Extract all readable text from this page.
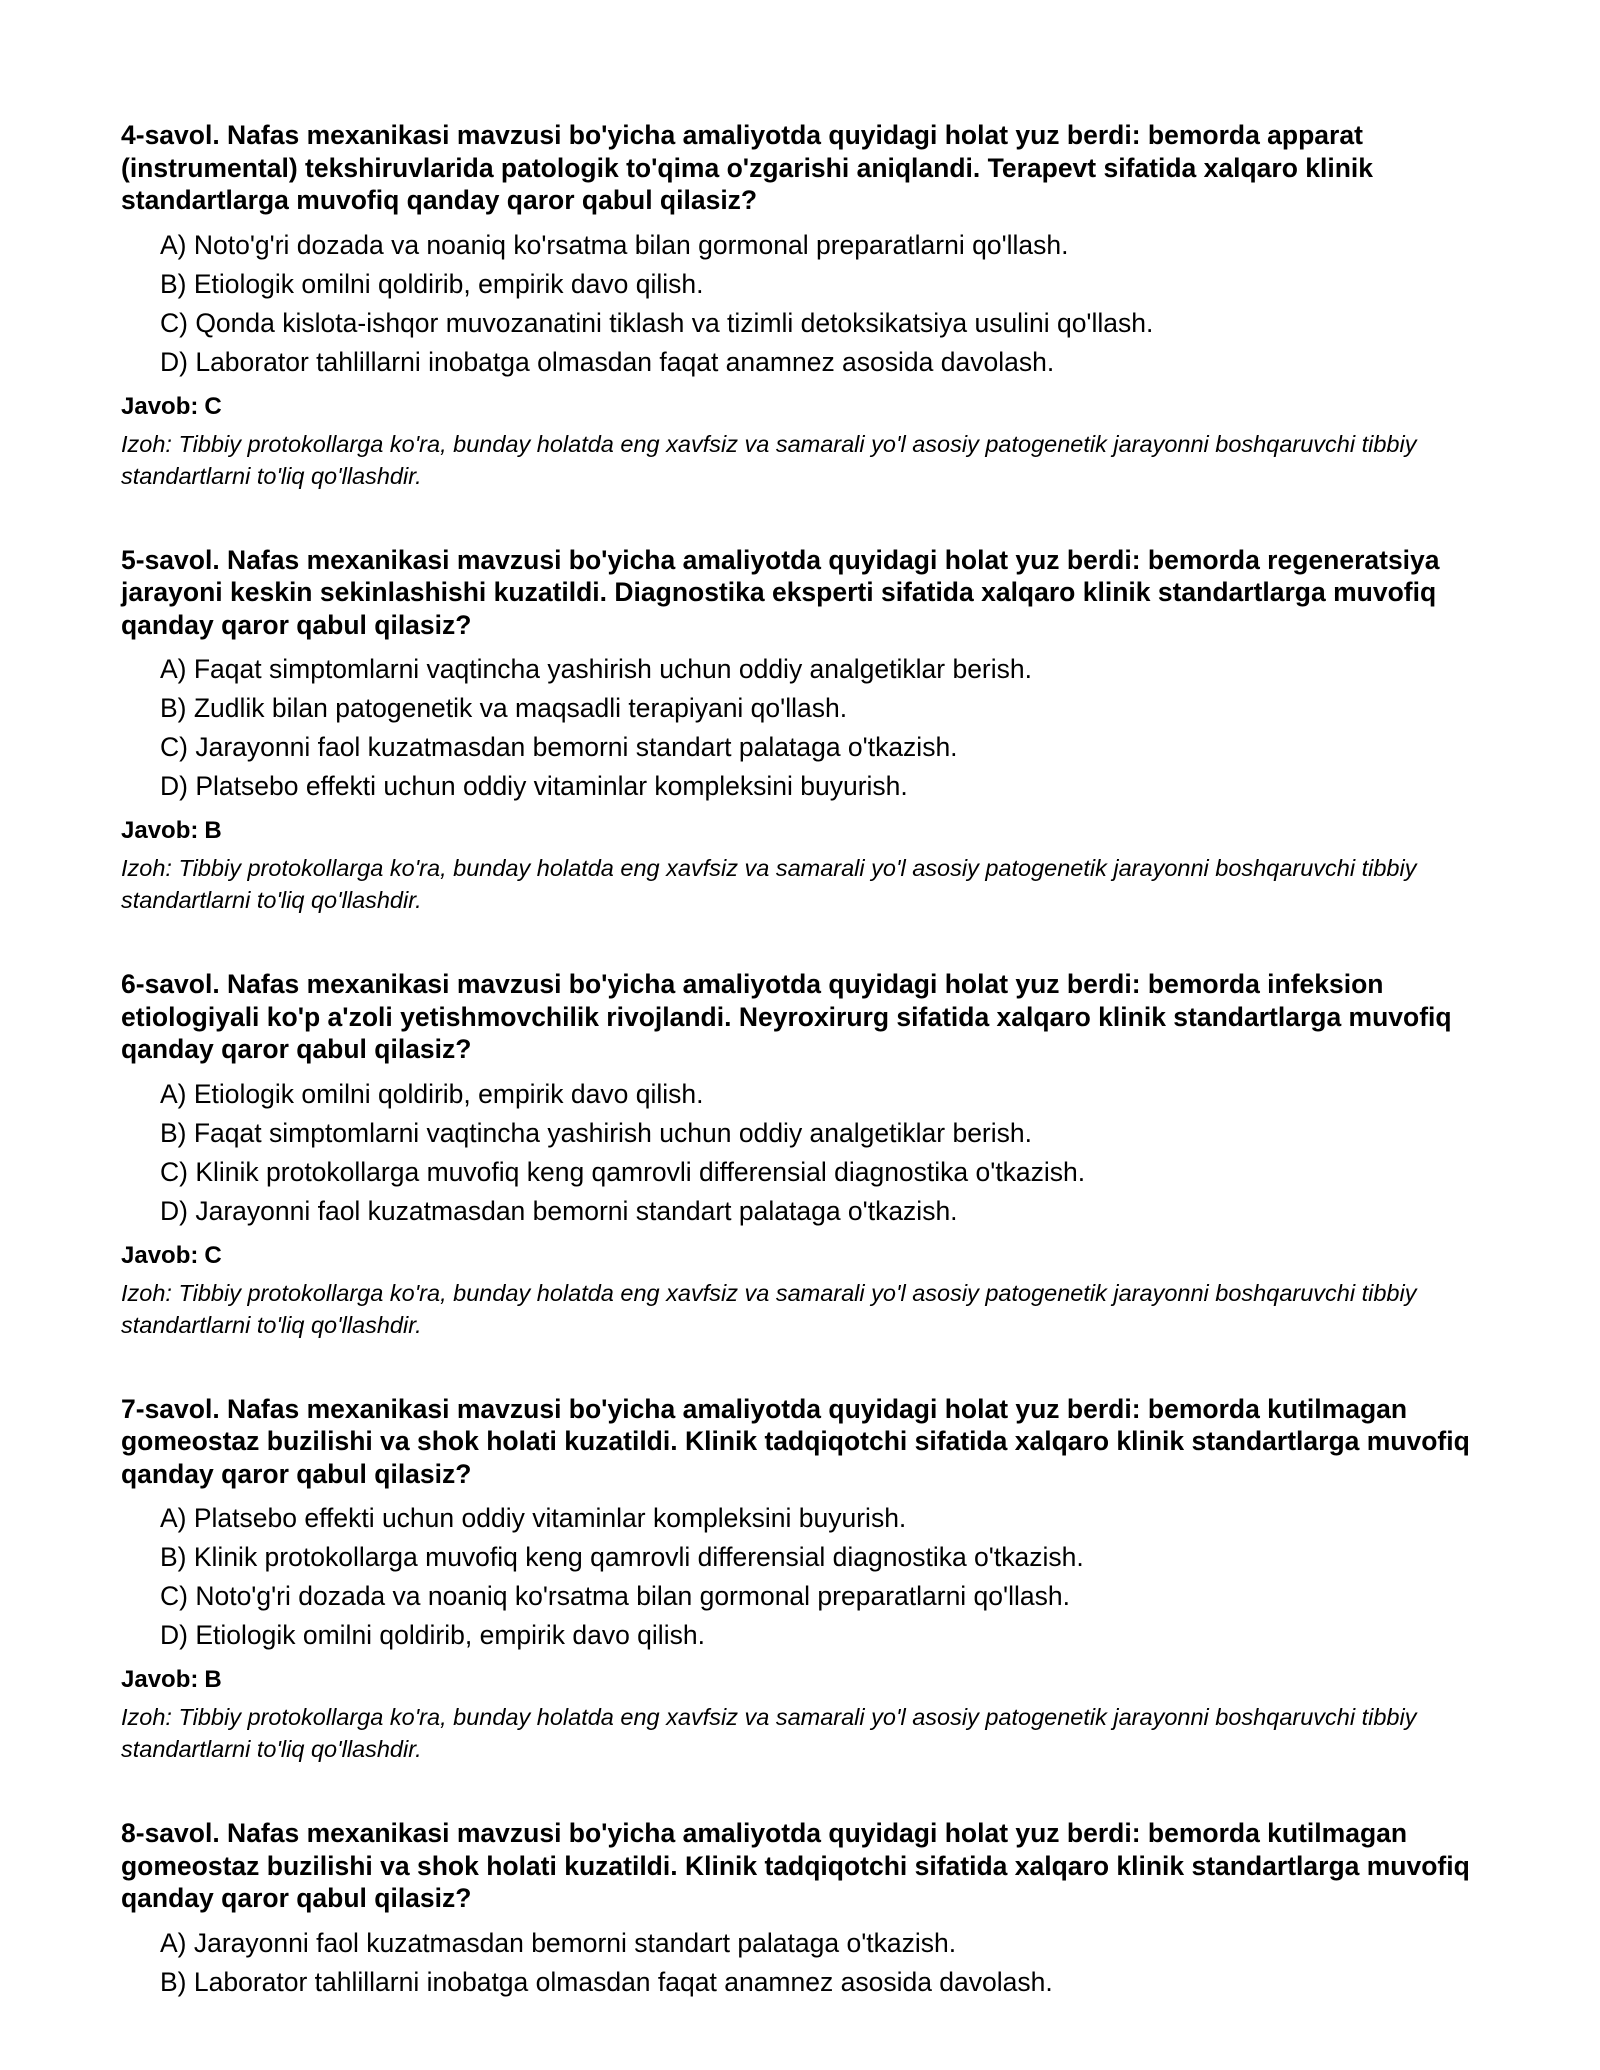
4-savol. Nafas mexanikasi mavzusi bo'yicha amaliyotda quyidagi holat yuz berdi: bemorda apparat (instrumental) tekshiruvlarida patologik to'qima o'zgarishi aniqlandi. Terapevt sifatida xalqaro klinik standartlarga muvofiq qanday qaror qabul qilasiz?

A) Noto'g'ri dozada va noaniq ko'rsatma bilan gormonal preparatlarni qo'llash.
B) Etiologik omilni qoldirib, empirik davo qilish.
C) Qonda kislota-ishqor muvozanatini tiklash va tizimli detoksikatsiya usulini qo'llash.
D) Laborator tahlillarni inobatga olmasdan faqat anamnez asosida davolash.

Javob: C

Izoh: Tibbiy protokollarga ko'ra, bunday holatda eng xavfsiz va samarali yo'l asosiy patogenetik jarayonni boshqaruvchi tibbiy standartlarni to'liq qo'llashdir.

5-savol. Nafas mexanikasi mavzusi bo'yicha amaliyotda quyidagi holat yuz berdi: bemorda regeneratsiya jarayoni keskin sekinlashishi kuzatildi. Diagnostika eksperti sifatida xalqaro klinik standartlarga muvofiq qanday qaror qabul qilasiz?

A) Faqat simptomlarni vaqtincha yashirish uchun oddiy analgetiklar berish.
B) Zudlik bilan patogenetik va maqsadli terapiyani qo'llash.
C) Jarayonni faol kuzatmasdan bemorni standart palataga o'tkazish.
D) Platsebo effekti uchun oddiy vitaminlar kompleksini buyurish.

Javob: B

Izoh: Tibbiy protokollarga ko'ra, bunday holatda eng xavfsiz va samarali yo'l asosiy patogenetik jarayonni boshqaruvchi tibbiy standartlarni to'liq qo'llashdir.

6-savol. Nafas mexanikasi mavzusi bo'yicha amaliyotda quyidagi holat yuz berdi: bemorda infeksion etiologiyali ko'p a'zoli yetishmovchilik rivojlandi. Neyroxirurg sifatida xalqaro klinik standartlarga muvofiq qanday qaror qabul qilasiz?

A) Etiologik omilni qoldirib, empirik davo qilish.
B) Faqat simptomlarni vaqtincha yashirish uchun oddiy analgetiklar berish.
C) Klinik protokollarga muvofiq keng qamrovli differensial diagnostika o'tkazish.
D) Jarayonni faol kuzatmasdan bemorni standart palataga o'tkazish.

Javob: C

Izoh: Tibbiy protokollarga ko'ra, bunday holatda eng xavfsiz va samarali yo'l asosiy patogenetik jarayonni boshqaruvchi tibbiy standartlarni to'liq qo'llashdir.

7-savol. Nafas mexanikasi mavzusi bo'yicha amaliyotda quyidagi holat yuz berdi: bemorda kutilmagan gomeostaz buzilishi va shok holati kuzatildi. Klinik tadqiqotchi sifatida xalqaro klinik standartlarga muvofiq qanday qaror qabul qilasiz?

A) Platsebo effekti uchun oddiy vitaminlar kompleksini buyurish.
B) Klinik protokollarga muvofiq keng qamrovli differensial diagnostika o'tkazish.
C) Noto'g'ri dozada va noaniq ko'rsatma bilan gormonal preparatlarni qo'llash.
D) Etiologik omilni qoldirib, empirik davo qilish.

Javob: B

Izoh: Tibbiy protokollarga ko'ra, bunday holatda eng xavfsiz va samarali yo'l asosiy patogenetik jarayonni boshqaruvchi tibbiy standartlarni to'liq qo'llashdir.

8-savol. Nafas mexanikasi mavzusi bo'yicha amaliyotda quyidagi holat yuz berdi: bemorda kutilmagan gomeostaz buzilishi va shok holati kuzatildi. Klinik tadqiqotchi sifatida xalqaro klinik standartlarga muvofiq qanday qaror qabul qilasiz?

A) Jarayonni faol kuzatmasdan bemorni standart palataga o'tkazish.
B) Laborator tahlillarni inobatga olmasdan faqat anamnez asosida davolash.
